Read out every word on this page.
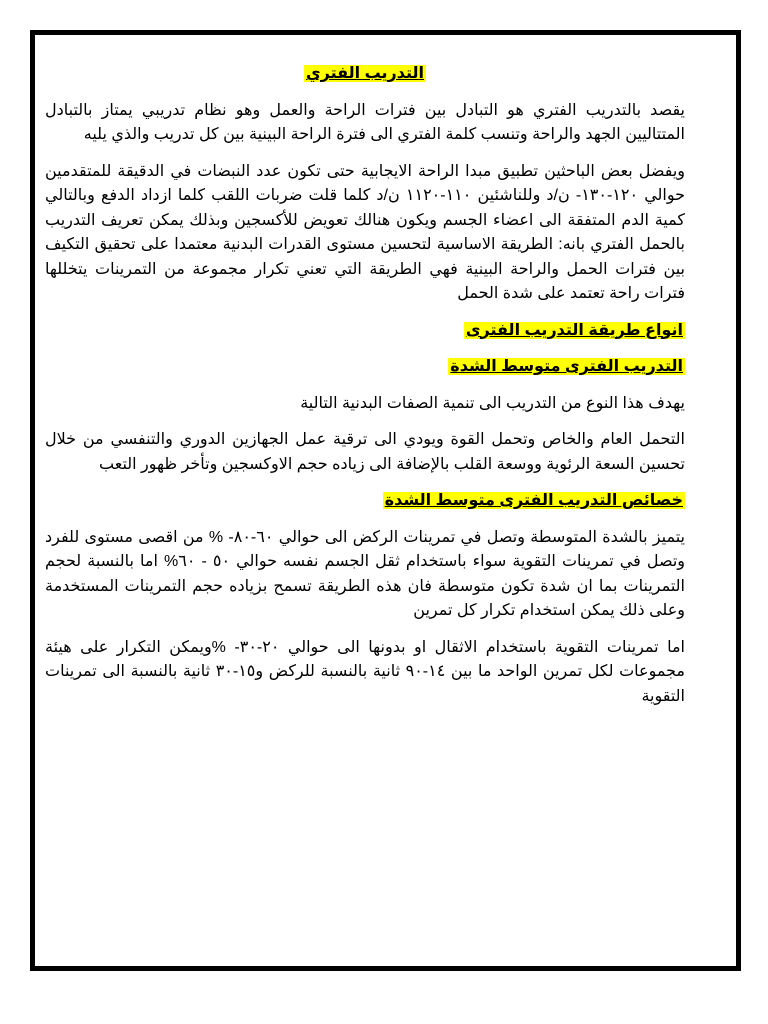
التدريب الفتري

يقصد بالتدريب الفتري هو التبادل بين فترات الراحة والعمل وهو نظام تدريبي يمتاز بالتبادل المتتاليين الجهد والراحة وتنسب كلمة الفتري الى فترة الراحة البينية بين كل تدريب والذي يليه

ويفضل بعض الباحثين تطبيق مبدا الراحة الايجابية حتى تكون عدد النبضات في الدقيقة للمتقدمين حوالي ١٢٠-١٣٠- ن/د وللناشئين ١١٠-١١٢٠ ن/د كلما قلت ضربات اللقب كلما ازداد الدفع وبالتالي كمية الدم المتفقة الى اعضاء الجسم ويكون هنالك تعويض للأكسجين وبذلك يمكن تعريف التدريب بالحمل الفتري بانه: الطريقة الاساسية لتحسين مستوى القدرات البدنية معتمدا على تحقيق التكيف بين فترات الحمل والراحة البينية فهي الطريقة التي تعني تكرار مجموعة من التمرينات يتخللها فترات راحة تعتمد على شدة الحمل

انواع طريقة التدريب الفترى

التدريب الفترى متوسط الشدة

يهدف هذا النوع من التدريب الى تنمية الصفات البدنية التالية

التحمل العام والخاص وتحمل القوة ويودي الى ترقية عمل الجهازين الدوري والتنفسي من خلال تحسين السعة الرئوية ووسعة القلب بالإضافة الى زياده حجم الاوكسجين وتأخر ظهور التعب

خصائص التدريب الفترى متوسط الشدة

يتميز بالشدة المتوسطة وتصل في تمرينات الركض الى حوالي ٦٠-٨٠- % من اقصى مستوى للفرد وتصل في تمرينات التقوية سواء باستخدام ثقل الجسم نفسه حوالي ٥٠ - ٦٠% اما بالنسبة لحجم التمرينات بما ان شدة تكون متوسطة فان هذه الطريقة تسمح بزياده حجم التمرينات المستخدمة وعلى ذلك يمكن استخدام تكرار كل تمرين

اما تمرينات التقوية باستخدام الاثقال او بدونها الى حوالي ٢٠-٣٠- %ويمكن التكرار على هيئة مجموعات لكل تمرين الواحد ما بين ١٤-٩٠ ثانية بالنسبة للركض و١٥-٣٠ ثانية بالنسبة الى تمرينات التقوية
